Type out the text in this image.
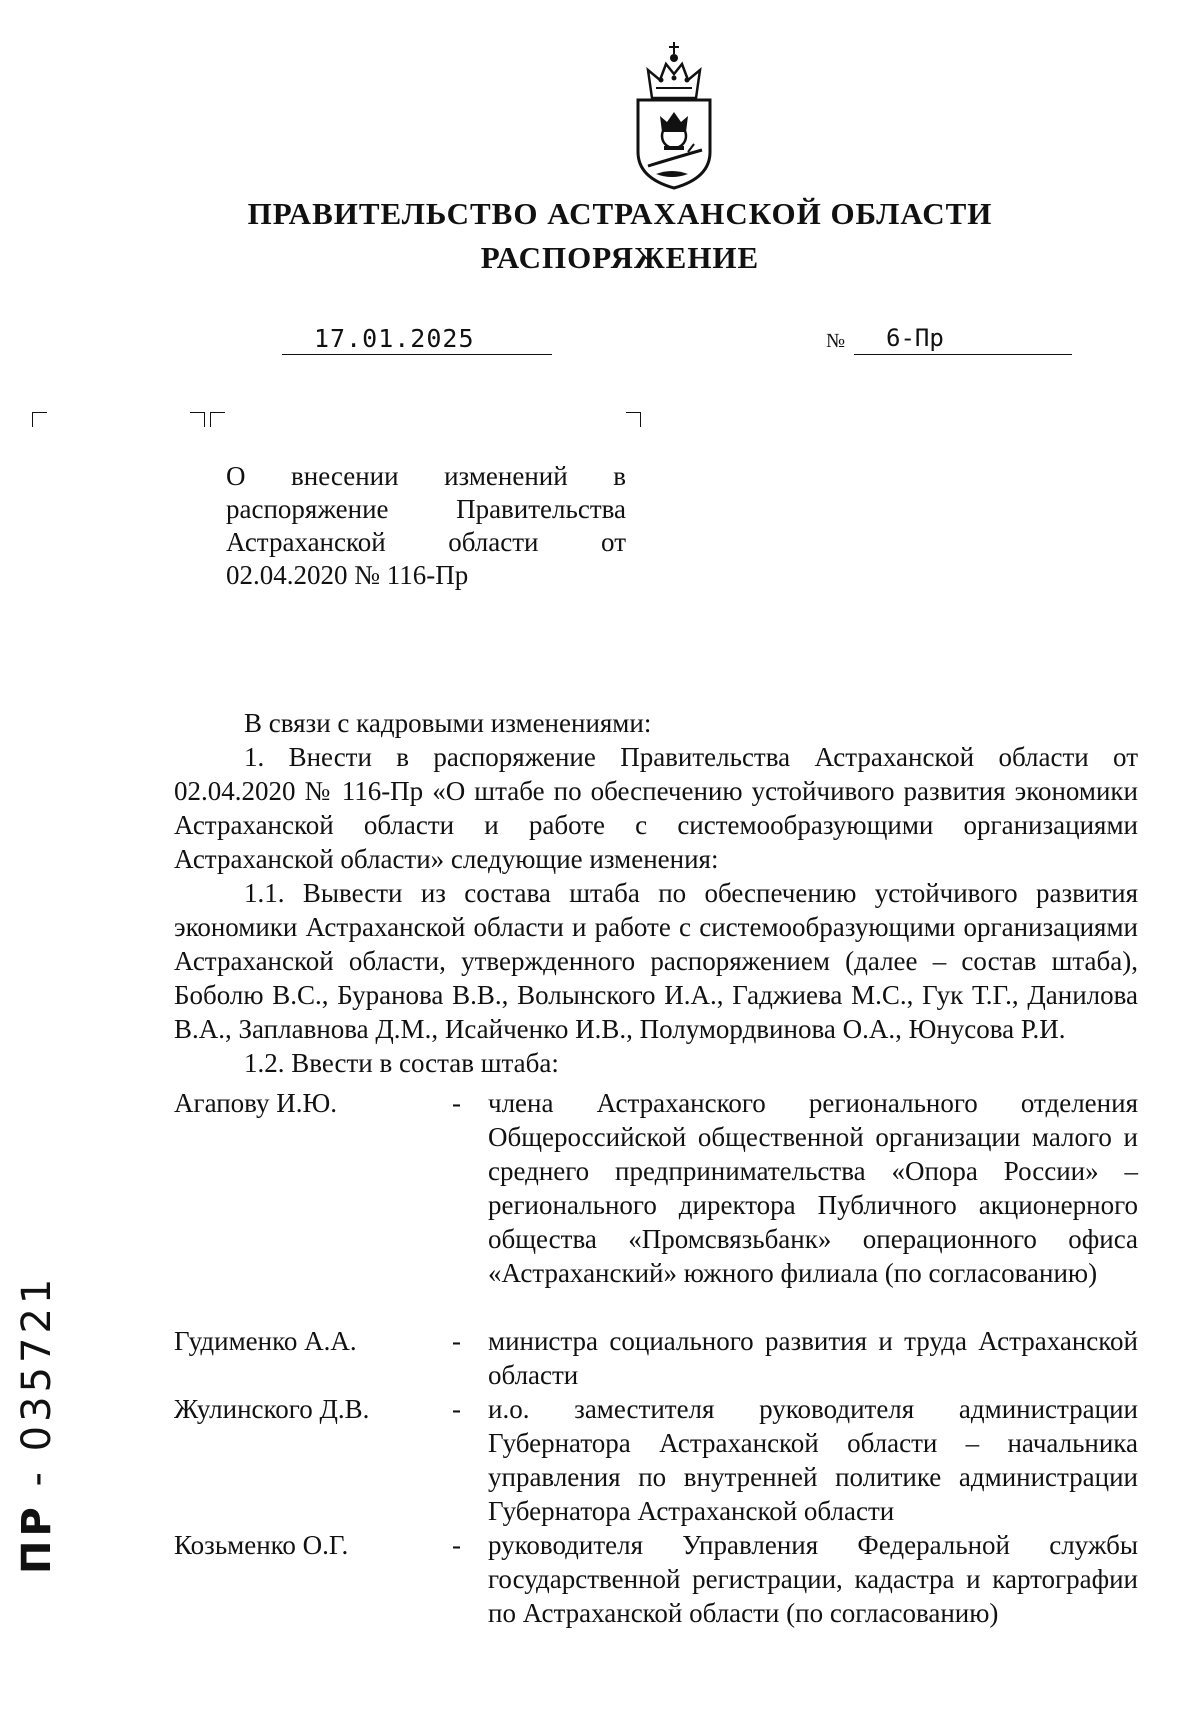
ПРАВИТЕЛЬСТВО АСТРАХАНСКОЙ ОБЛАСТИ
РАСПОРЯЖЕНИЕ
17.01.2025	№ 6-Пр
О внесении изменений в распоряжение Правительства Астраханской области от 02.04.2020 № 116-Пр

В связи с кадровыми изменениями:

1. Внести в распоряжение Правительства Астраханской области от 02.04.2020 № 116-Пр «О штабе по обеспечению устойчивого развития экономики Астраханской области и работе с системообразующими организациями Астраханской области» следующие изменения:

1.1. Вывести из состава штаба по обеспечению устойчивого развития экономики Астраханской области и работе с системообразующими организациями Астраханской области, утвержденного распоряжением (далее – состав штаба), Боболю В.С., Буранова В.В., Волынского И.А., Гаджиева М.С., Гук Т.Г., Данилова В.А., Заплавнова Д.М., Исайченко И.В., Полумордвинова О.А., Юнусова Р.И.

1.2. Ввести в состав штаба:

Агапову И.Ю.	-	члена Астраханского регионального отделения Общероссийской общественной организации малого и среднего предпринимательства «Опора России» – регионального директора Публичного акционерного общества «Промсвязьбанк» операционного офиса «Астраханский» южного филиала (по согласованию)
Гудименко А.А.	-	министра социального развития и труда Астраханской области
Жулинского Д.В.	-	и.о. заместителя руководителя администрации Губернатора Астраханской области – начальника управления по внутренней политике администрации Губернатора Астраханской области
Козьменко О.Г.	-	руководителя Управления Федеральной службы государственной регистрации, кадастра и картографии по Астраханской области (по согласованию)
ПР - 035721
